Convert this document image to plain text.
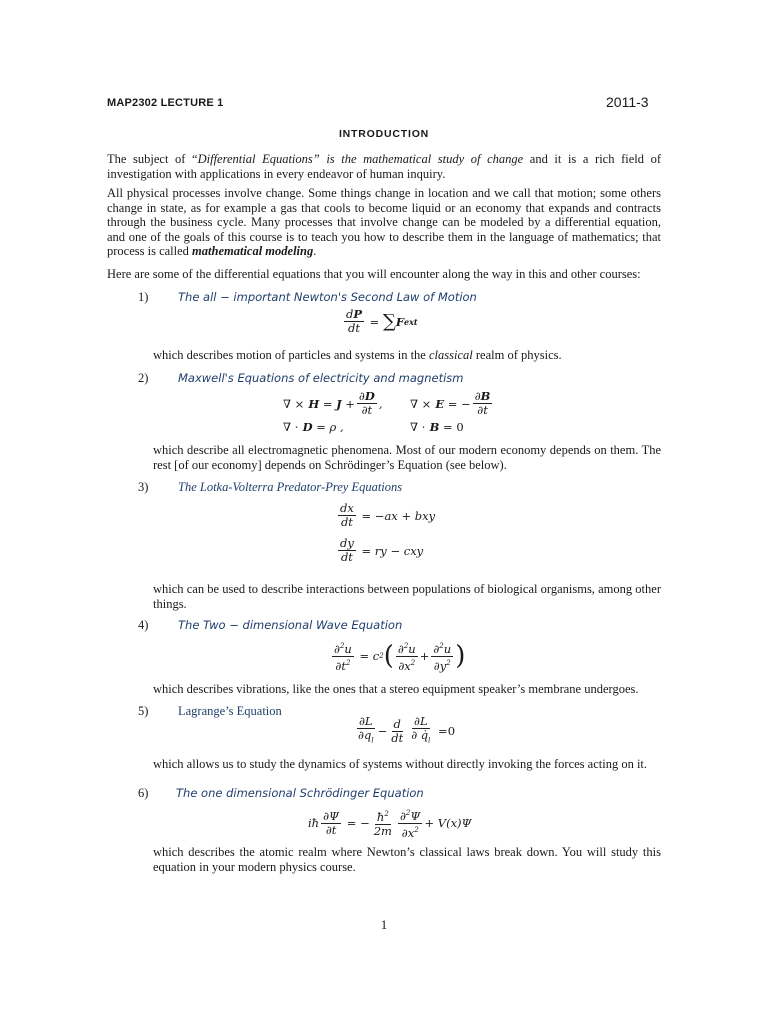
MAP2302 LECTURE 1	2011-3
INTRODUCTION
The subject of “Differential Equations” is the mathematical study of change and it is a rich field of investigation with applications in every endeavor of human inquiry.
All physical processes involve change. Some things change in location and we call that motion; some others change in state, as for example a gas that cools to become liquid or an economy that expands and contracts through the business cycle. Many processes that involve change can be modeled by a differential equation, and one of the goals of this course is to teach you how to describe them in the language of mathematics; that process is called mathematical modeling.
Here are some of the differential equations that you will encounter along the way in this and other courses:
1)	The all − important Newton's Second Law of Motion
$\frac{dP}{dt}$ = ∑ F ext
which describes motion of particles and systems in the classical realm of physics.
2)	Maxwell's Equations of electricity and magnetism
∇ × $H = J + \frac{\partial D}{\partial t}$ , ∇ × E = − $\frac{\partial B}{\partial t}$
∇ ⋅ D = ρ ,	∇ ⋅ B = 0
which describe all electromagnetic phenomena. Most of our modern economy depends on them. The rest [of our economy] depends on Schrödinger’s Equation (see below).
3) The Lotka-Volterra Predator-Prey Equations
$\frac{dx}{dt} = -ax$ + bxy
$\frac{dy}{dt}$ = ry − cxy
which can be used to describe interactions between populations of biological organisms, among other things.
4)	The Two − dimensional Wave Equation
$\frac{\partial^2u}{\partial t^2} = c$ 2 ( $\frac{\partial^2u}{\partial x^2} + \frac{\partial^2u}{\partial y^2}$ )
which describes vibrations, like the ones that a stereo equipment speaker’s membrane undergoes.
5) Lagrange’s Equation
$\frac{\partial L}{\partial q_l} - \frac{d}{dt} \frac{\partial L}{\partial q̇_l} = 0$
which allows us to study the dynamics of systems without directly invoking the forces acting on it.
6) The one dimensional Schrödinger Equation
iħ $\frac{\partial\Psi}{\partial t}$ = − $\frac{ħ^2}{2m} \frac{\partial^2\Psi}{\partial x^2} + V(x)\Psi$
which describes the atomic realm where Newton’s classical laws break down. You will study this equation in your modern physics course.
1
